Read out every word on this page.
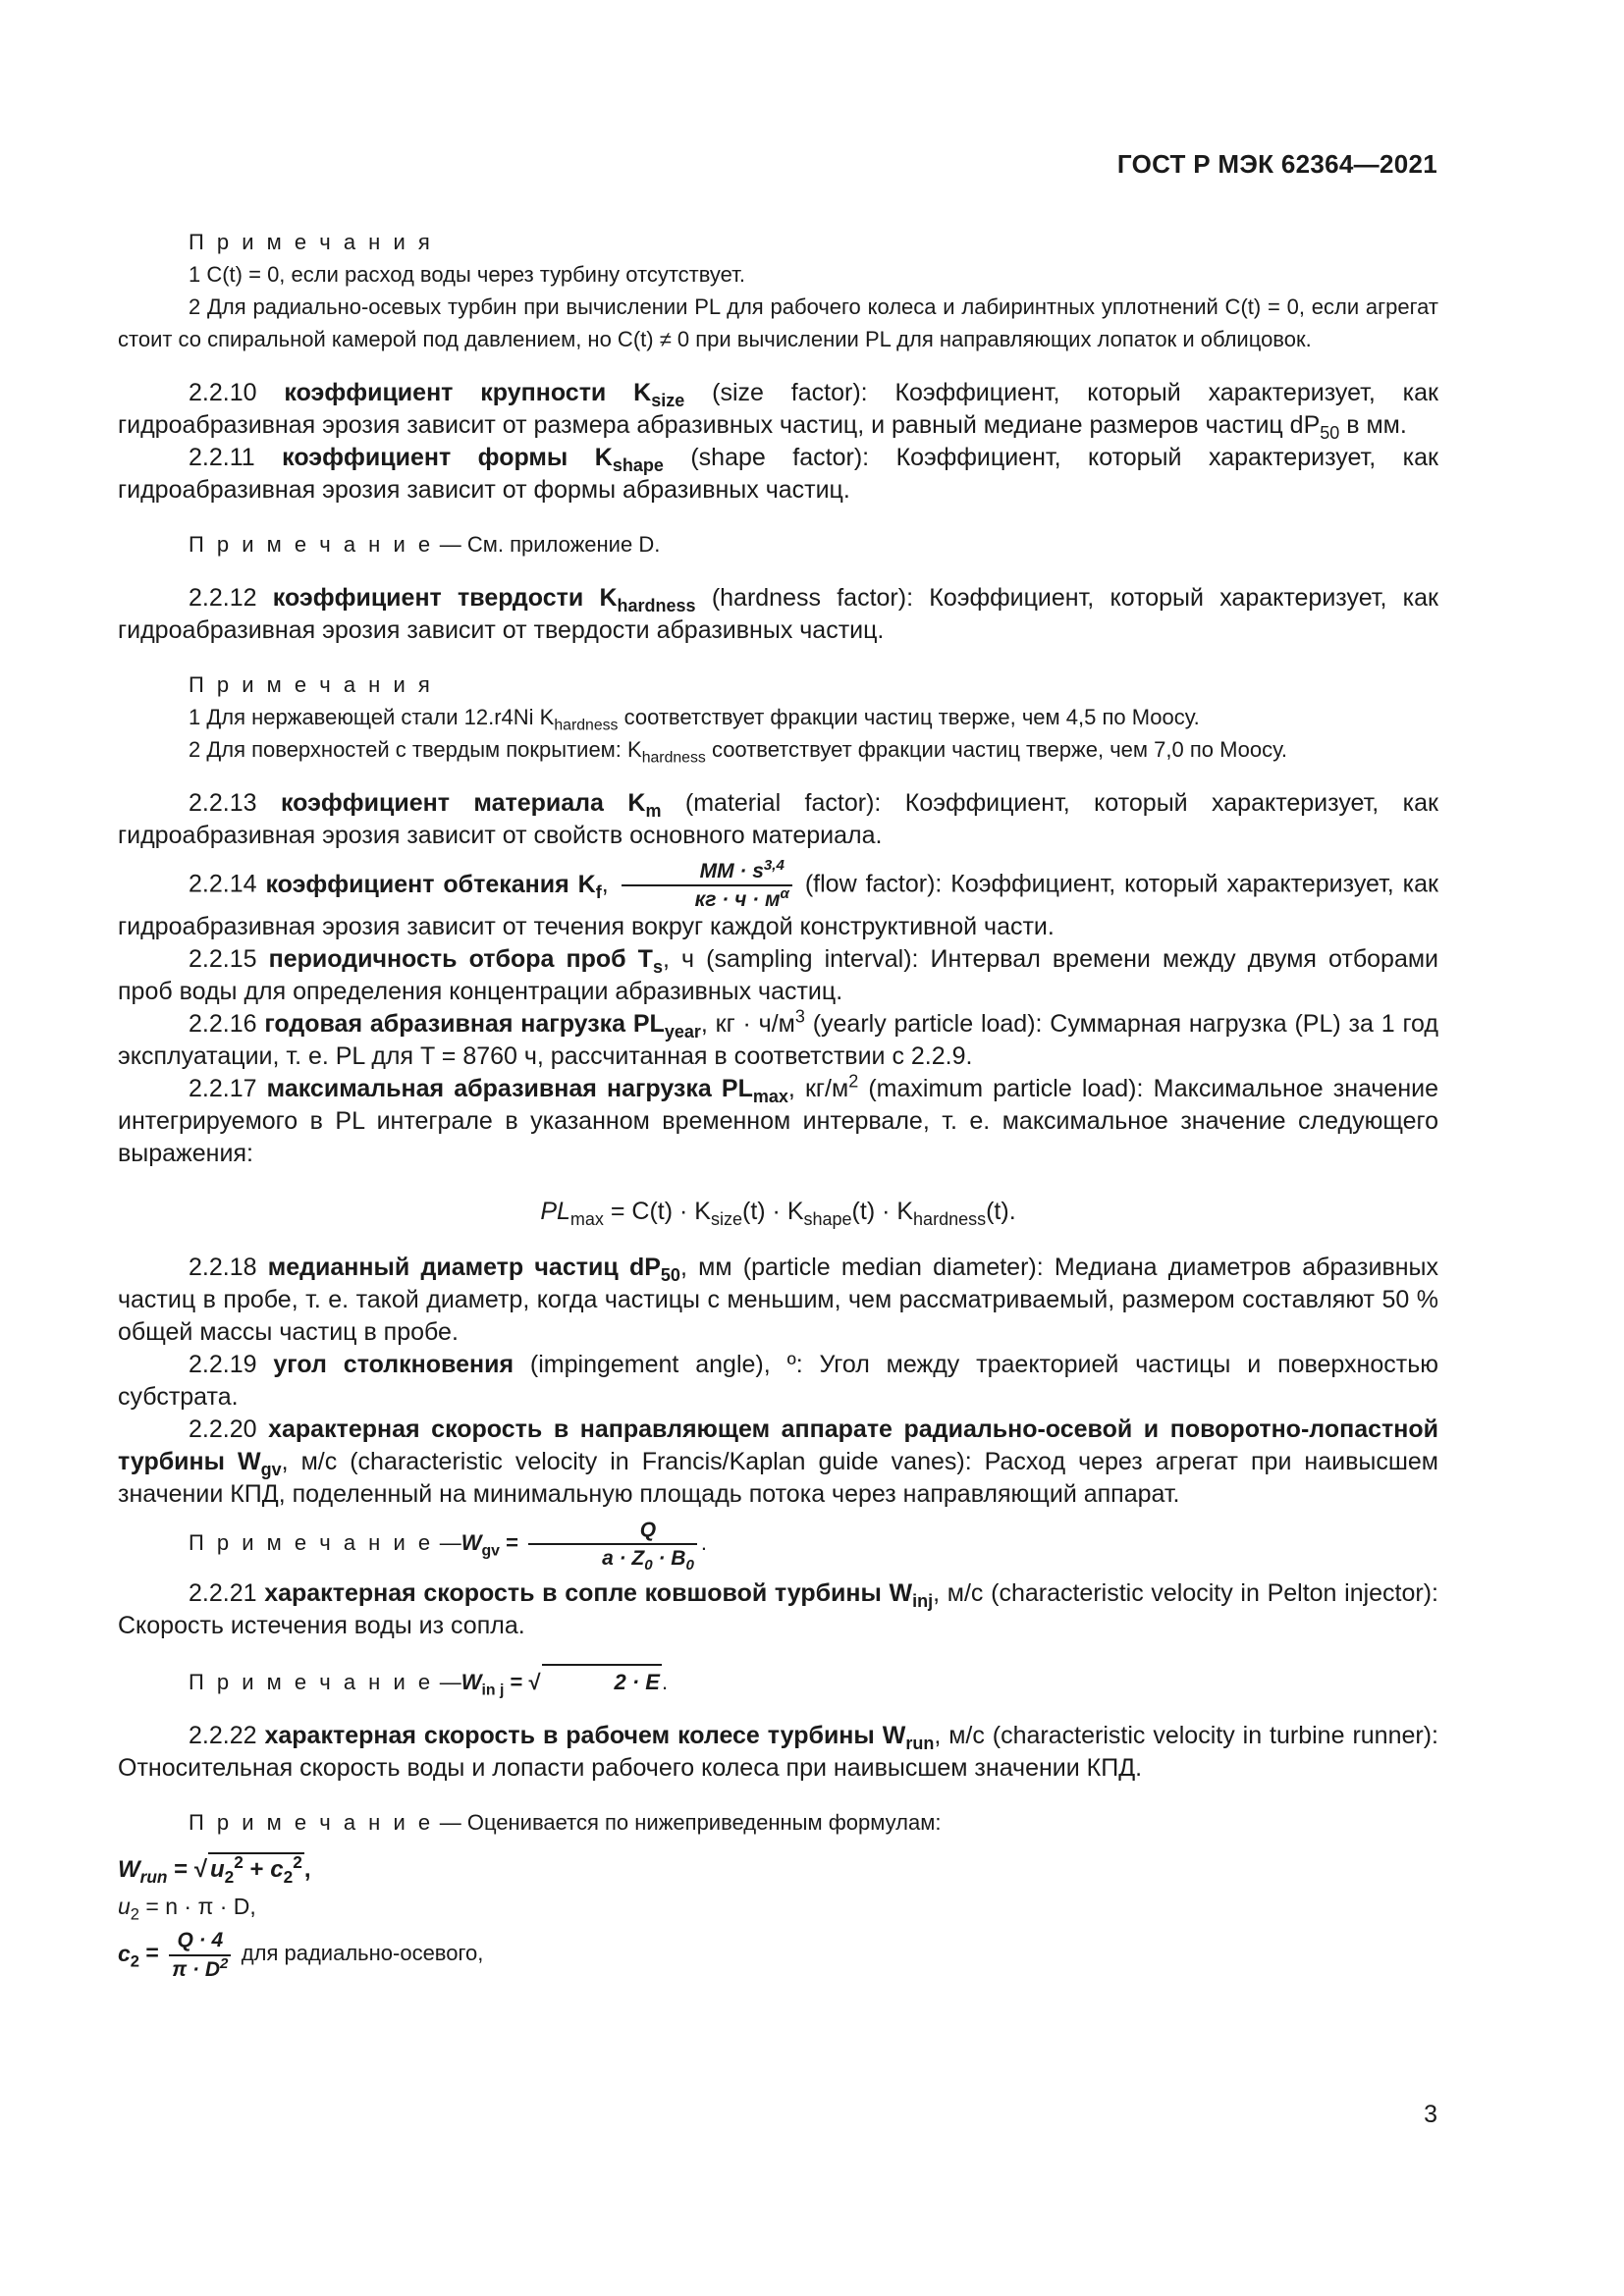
ГОСТ Р МЭК 62364—2021

П р и м е ч а н и я

1 C(t) = 0, если расход воды через турбину отсутствует.

2 Для радиально-осевых турбин при вычислении PL для рабочего колеса и лабиринтных уплотнений C(t) = 0, если агрегат стоит со спиральной камерой под давлением, но C(t) ≠ 0 при вычислении PL для направляющих лопаток и облицовок.

2.2.10 коэффициент крупности $K_{size}$ (size factor): Коэффициент, который характеризует, как гидроабразивная эрозия зависит от размера абразивных частиц, и равный медиане размеров частиц $dP_{50}$ в мм.

2.2.11 коэффициент формы $K_{shape}$ (shape factor): Коэффициент, который характеризует, как гидроабразивная эрозия зависит от формы абразивных частиц.

П р и м е ч а н и е — См. приложение D.

2.2.12 коэффициент твердости $K_{hardness}$ (hardness factor): Коэффициент, который характеризует, как гидроабразивная эрозия зависит от твердости абразивных частиц.

П р и м е ч а н и я

1 Для нержавеющей стали 12.r4Ni $K_{hardness}$ соответствует фракции частиц тверже, чем 4,5 по Моосу.

2 Для поверхностей с твердым покрытием: $K_{hardness}$ соответствует фракции частиц тверже, чем 7,0 по Моосу.

2.2.13 коэффициент материала $K_m$ (material factor): Коэффициент, который характеризует, как гидроабразивная эрозия зависит от свойств основного материала.

2.2.14 коэффициент обтекания $K_f$, $\frac{MM \cdot s^{3,4}}{кг \cdot ч \cdot м^\alpha}$ (flow factor): Коэффициент, который характеризует, как гидроабразивная эрозия зависит от течения вокруг каждой конструктивной части.

2.2.15 периодичность отбора проб $T_s$, ч (sampling interval): Интервал времени между двумя отборами проб воды для определения концентрации абразивных частиц.

2.2.16 годовая абразивная нагрузка $PL_{year}$, кг · $ч/м^3$ (yearly particle load): Суммарная нагрузка (PL) за 1 год эксплуатации, т. е. PL для T = 8760 ч, рассчитанная в соответствии с 2.2.9.

2.2.17 максимальная абразивная нагрузка $PL_{max}$, $кг/м^2$ (maximum particle load): Максимальное значение интегрируемого в PL интеграле в указанном временном интервале, т. е. максимальное значение следующего выражения:

$PL_{max} = C(t) \cdot K_{size}(t) \cdot K_{shape}(t) \cdot K_{hardness}(t)$.

2.2.18 медианный диаметр частиц $dP_{50}$, мм (particle median diameter): Медиана диаметров абразивных частиц в пробе, т. е. такой диаметр, когда частицы с меньшим, чем рассматриваемый, размером составляют 50 % общей массы частиц в пробе.

2.2.19 угол столкновения (impingement angle), º: Угол между траекторией частицы и поверхностью субстрата.

2.2.20 характерная скорость в направляющем аппарате радиально-осевой и поворотно-лопастной турбины $W_{gv}$, м/с (characteristic velocity in Francis/Kaplan guide vanes): Расход через агрегат при наивысшем значении КПД, поделенный на минимальную площадь потока через направляющий аппарат.

П р и м е ч а н и е $—W_{gv} = \frac{Q}{a \cdot Z_0 \cdot B_0}$ .

2.2.21 характерная скорость в сопле ковшовой турбины $W_{inj}$, м/с (characteristic velocity in Pelton injector): Скорость истечения воды из сопла.

П р и м е ч а н и е $—W_{in j}$ = √	2 · E.

2.2.22 характерная скорость в рабочем колесе турбины $W_{run}$, м/с (characteristic velocity in turbine runner): Относительная скорость воды и лопасти рабочего колеса при наивысшем значении КПД.

П р и м е ч а н и е — Оценивается по нижеприведенным формулам:

$W_{run}$ = √ $u_2^2 + c_2^2$,

$u_2 = n \cdot \pi \cdot D$,

$c_2 = \frac{Q \cdot 4}{\pi \cdot D^2}$ для радиально-осевого,

3
